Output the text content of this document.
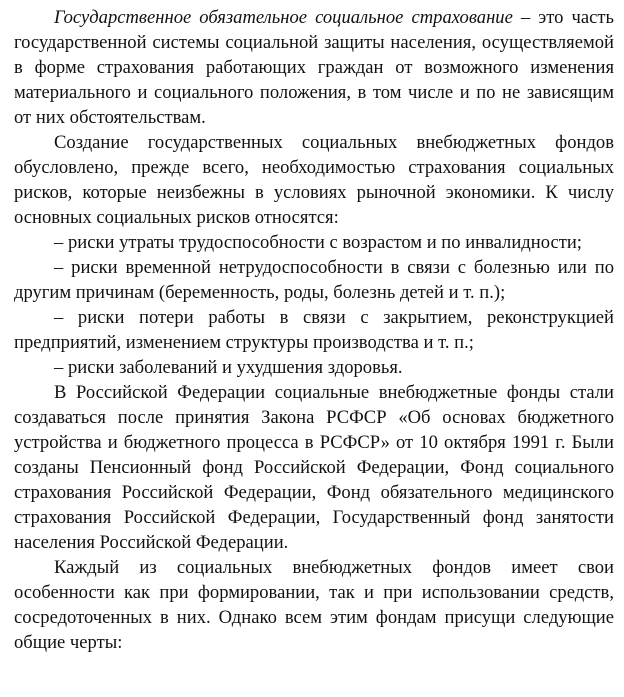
Государственное обязательное социальное страхование – это часть государственной системы социальной защиты населения, осуществляемой в форме страхования работающих граждан от возможного изменения материального и социального положения, в том числе и по не зависящим от них обстоятельствам.

Создание государственных социальных внебюджетных фондов обусловлено, прежде всего, необходимостью страхования социальных рисков, которые неизбежны в условиях рыночной экономики. К числу основных социальных рисков относятся:

– риски утраты трудоспособности с возрастом и по инвалидности;

– риски временной нетрудоспособности в связи с болезнью или по другим причинам (беременность, роды, болезнь детей и т. п.);

– риски потери работы в связи с закрытием, реконструкцией предприятий, изменением структуры производства и т. п.;

– риски заболеваний и ухудшения здоровья.

В Российской Федерации социальные внебюджетные фонды стали создаваться после принятия Закона РСФСР «Об основах бюджетного устройства и бюджетного процесса в РСФСР» от 10 октября 1991 г. Были созданы Пенсионный фонд Российской Федерации, Фонд социального страхования Российской Федерации, Фонд обязательного медицинского страхования Российской Федерации, Государственный фонд занятости населения Российской Федерации.

Каждый из социальных внебюджетных фондов имеет свои особенности как при формировании, так и при использовании средств, сосредоточенных в них. Однако всем этим фондам присущи следующие общие черты:
